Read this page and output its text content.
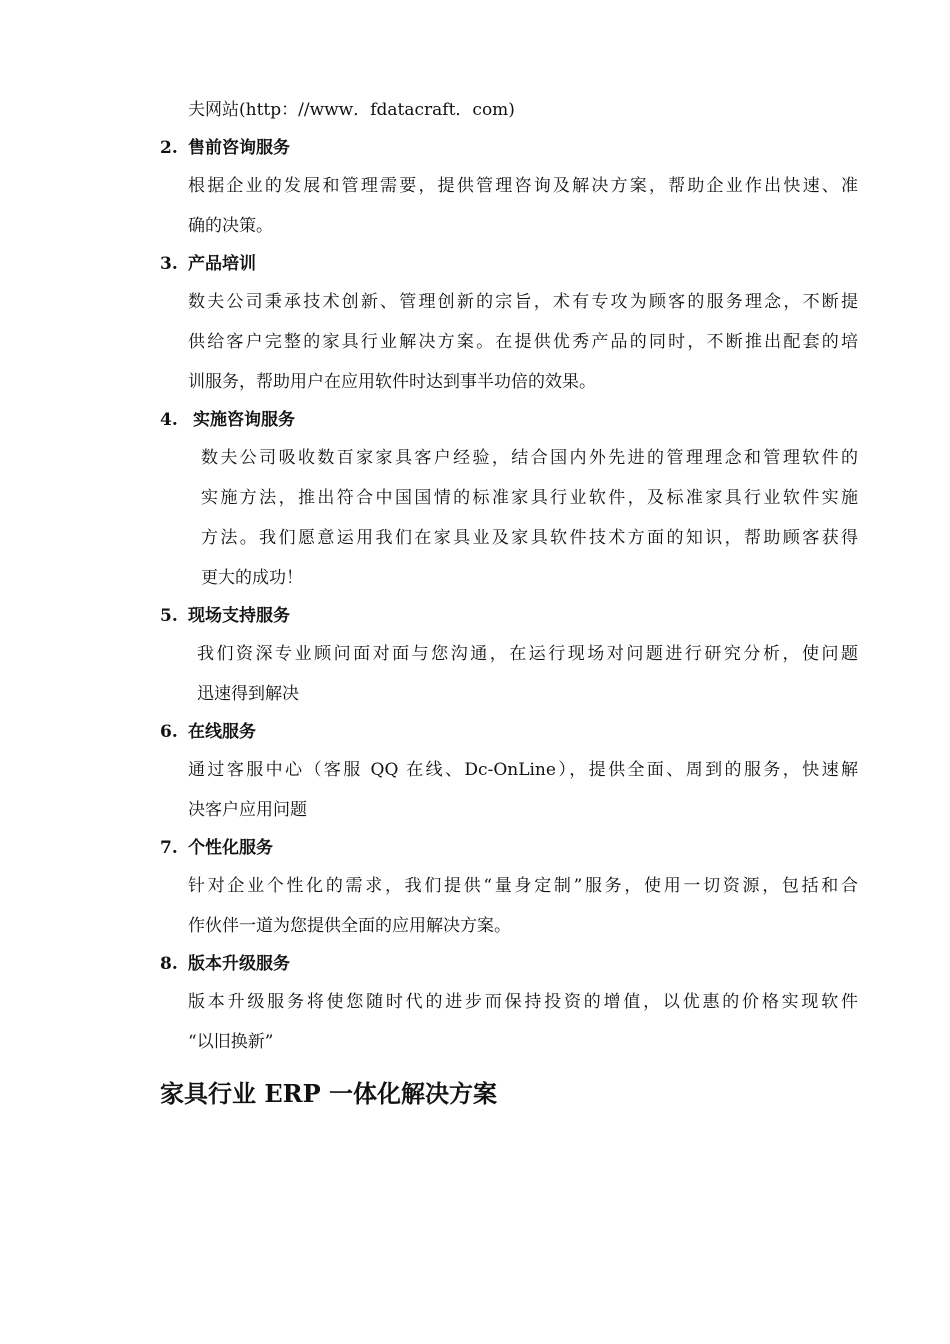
夫网站(http：//www．fdatacraft．com)
2. 售前咨询服务
根据企业的发展和管理需要，提供管理咨询及解决方案，帮助企业作出快速、准
确的决策。
3. 产品培训
数夫公司秉承技术创新、管理创新的宗旨，术有专攻为顾客的服务理念，不断提
供给客户完整的家具行业解决方案。在提供优秀产品的同时，不断推出配套的培
训服务，帮助用户在应用软件时达到事半功倍的效果。
4. 实施咨询服务
数夫公司吸收数百家家具客户经验，结合国内外先进的管理理念和管理软件的
实施方法，推出符合中国国情的标准家具行业软件，及标准家具行业软件实施
方法。我们愿意运用我们在家具业及家具软件技术方面的知识，帮助顾客获得
更大的成功！
5. 现场支持服务
我们资深专业顾问面对面与您沟通，在运行现场对问题进行研究分析，使问题
迅速得到解决
6. 在线服务
通过客服中心（客服 QQ 在线、Dc-OnLine），提供全面、周到的服务，快速解
决客户应用问题
7. 个性化服务
针对企业个性化的需求，我们提供“量身定制”服务，使用一切资源，包括和合
作伙伴一道为您提供全面的应用解决方案。
8. 版本升级服务
版本升级服务将使您随时代的进步而保持投资的增值，以优惠的价格实现软件
“以旧换新”
家具行业 ERP 一体化解决方案
